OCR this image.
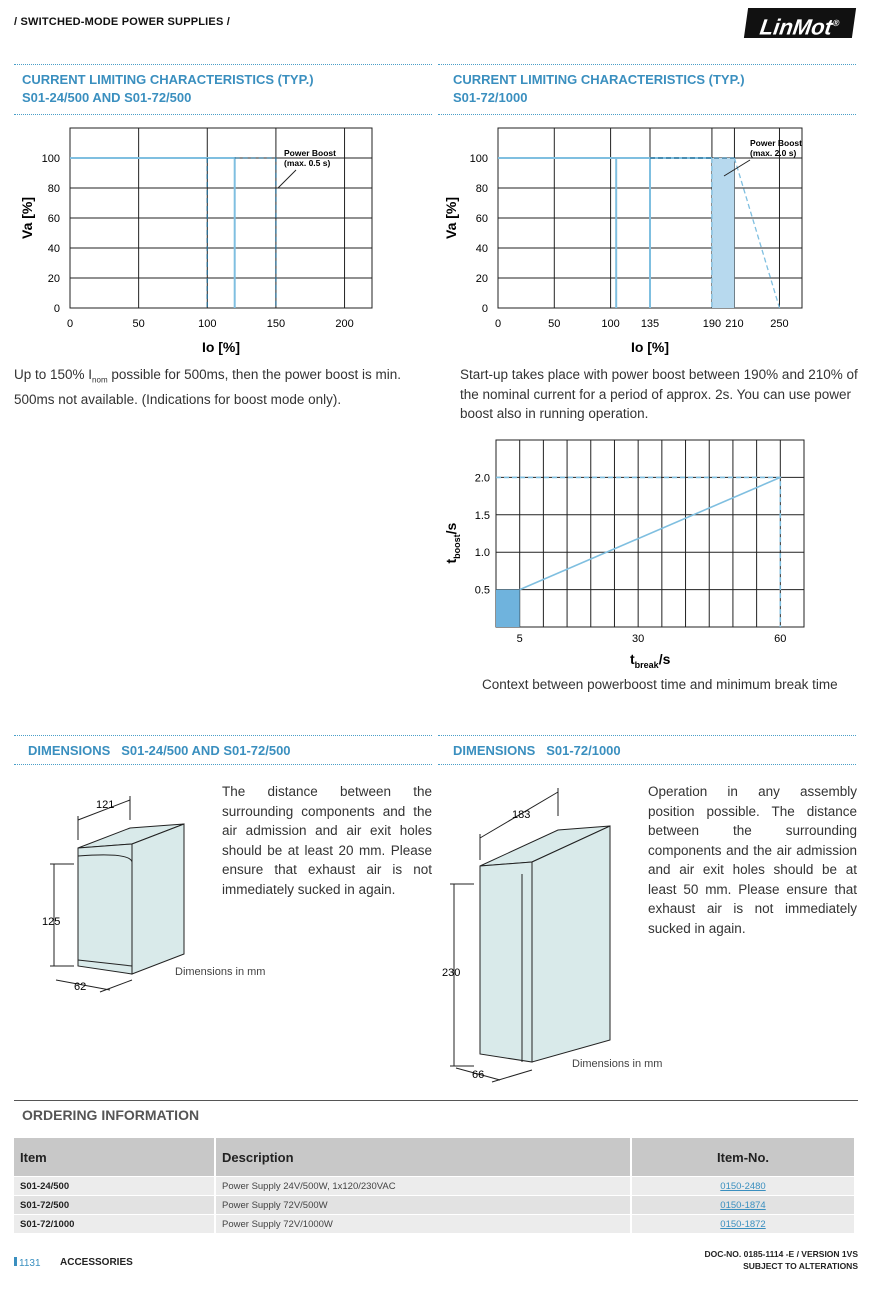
/ SWITCHED-MODE POWER SUPPLIES /	LinMot®
CURRENT LIMITING CHARACTERISTICS (TYP.)
S01-24/500 AND S01-72/500
CURRENT LIMITING CHARACTERISTICS (TYP.)
S01-72/1000
0	50	100	150	200
0
20
40
60
80
100
Io [%]
Va [%]
Power Boost
(max. 0.5 s)
0	50	100 135	190 210 250
0
20
40
60
80
100
Io [%]
Va [%]
Power Boost
(max. 2.0 s)
Up to 150% $I_{nom}$ possible for 500ms, then the power boost is min. 500ms not available. (Indications for boost mode only).
Start-up takes place with power boost between 190% and 210% of the nominal current for a period of approx. 2s. You can use power boost also in running operation.
5	30	60
0.5
1.0
1.5
2.0
$t_{break}/s$
$t_{boost}/s$
Context between powerboost time and minimum break time
DIMENSIONS S01-24/500 AND S01-72/500	DIMENSIONS S01-72/1000
121
125
62
Dimensions in mm
The distance between the surrounding components and the air admission and air exit holes should be at least 20 mm. Please ensure that exhaust air is not immediately sucked in again.
183
230
66
Dimensions in mm
Operation in any assembly position possible. The distance between the surrounding components and the air admission and air exit holes should be at least 50 mm. Please ensure that exhaust air is not immediately sucked in again.
ORDERING INFORMATION
Item	Description	Item-No.
S01-24/500	Power Supply 24V/500W, 1x120/230VAC	0150-2480
S01-72/500	Power Supply 72V/500W	0150-1874
S01-72/1000	Power Supply 72V/1000W	0150-1872
1131 ACCESSORIES
DOC-NO. 0185-1114 -E / VERSION 1VS
SUBJECT TO ALTERATIONS
